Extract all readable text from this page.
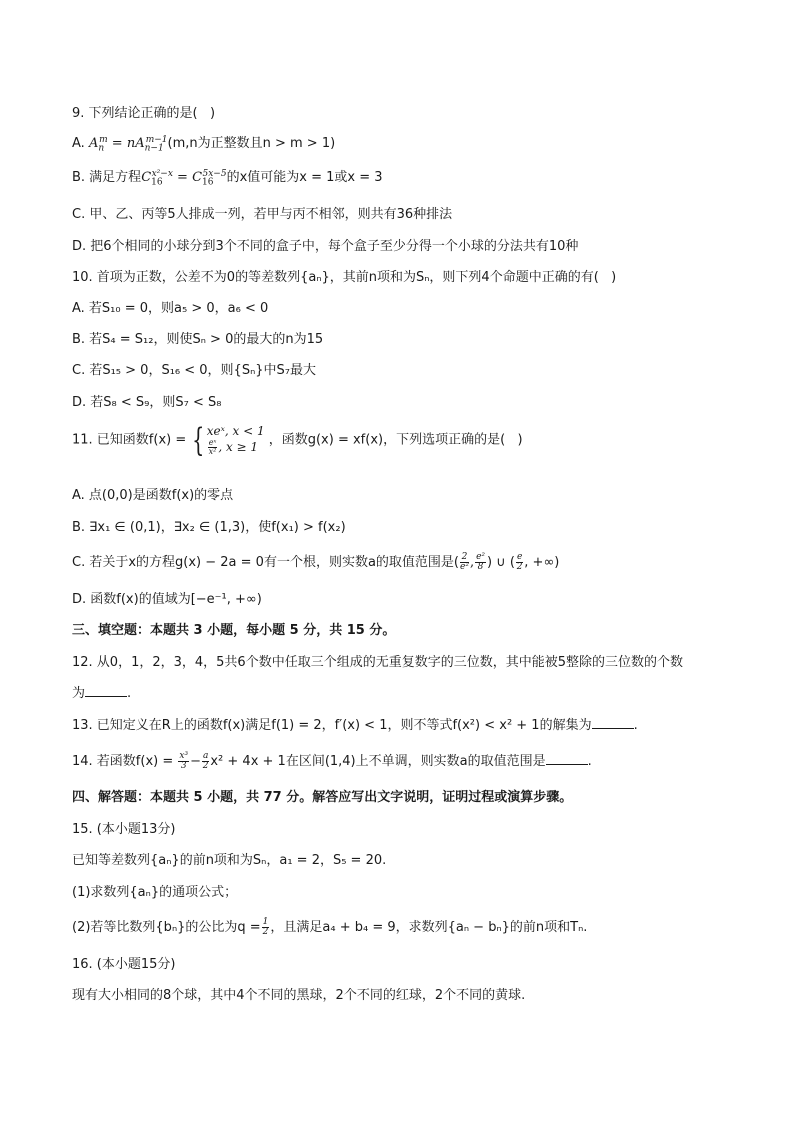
9. 下列结论正确的是(   )
A. $A_n^m = nA_{n-1}^{m-1}(m,n$为正整数且n > m > 1)
B. 满足方程$C_{16}^{x^2-x} = C_{16}^{5x-5}$的x值可能为x = 1或x = 3
C. 甲、乙、丙等5人排成一列，若甲与丙不相邻，则共有36种排法
D. 把6个相同的小球分到3个不同的盒子中，每个盒子至少分得一个小球的分法共有10种
10. 首项为正数，公差不为0的等差数列{aₙ}，其前n项和为Sₙ，则下列4个命题中正确的有(   )
A. 若S₁₀ = 0，则a₅ > 0，a₆ < 0
B. 若S₄ = S₁₂，则使Sₙ > 0的最大的n为15
C. 若S₁₅ > 0，S₁₆ < 0，则{Sₙ}中S₇最大
D. 若S₈ < S₉，则S₇ < S₈
11. 已知函数f(x) = { xeˣ, x < 1
$\frac{\text{eˣ}}{\text{x²}}$ , x ≥ 1 ，函数g(x) = xf(x)，下列选项正确的是(   )
A. 点(0,0)是函数f(x)的零点
B. ∃x₁ ∈ (0,1)，∃x₂ ∈ (1,3)，使f(x₁) > f(x₂)
C. 若关于x的方程g(x) − 2a = 0有一个根，则实数a的取值范围是( $\frac{2}{\text{e²}}$ , $\frac{\text{e²}}{8}$ ) ∪ ( $\frac{e}{2}$ , +∞)
D. 函数f(x)的值域为[−e⁻¹, +∞)
三、填空题：本题共 3 小题，每小题 5 分，共 15 分。
12. 从0，1，2，3，4，5共6个数中任取三个组成的无重复数字的三位数，其中能被5整除的三位数的个数
为	.
13. 已知定义在R上的函数f(x)满足f(1) = 2，f′(x) < 1，则不等式f(x²) < x² + 1的解集为	.
14. 若函数$f(x) = \frac{\text{x³}}{3} - \frac{a}{2} x^2 + 4x + 1$在区间(1,4)上不单调，则实数a的取值范围是	.
四、解答题：本题共 5 小题，共 77 分。解答应写出文字说明，证明过程或演算步骤。
15. (本小题13分)
已知等差数列{aₙ}的前n项和为Sₙ，a₁ = 2，S₅ = 20.
(1)求数列{aₙ}的通项公式；
(2)若等比数列{bₙ}的公比为$q = \frac{1}{2}$ ，且满足a₄ + b₄ = 9，求数列{aₙ − bₙ}的前n项和Tₙ.
16. (本小题15分)
现有大小相同的8个球，其中4个不同的黑球，2个不同的红球，2个不同的黄球.
